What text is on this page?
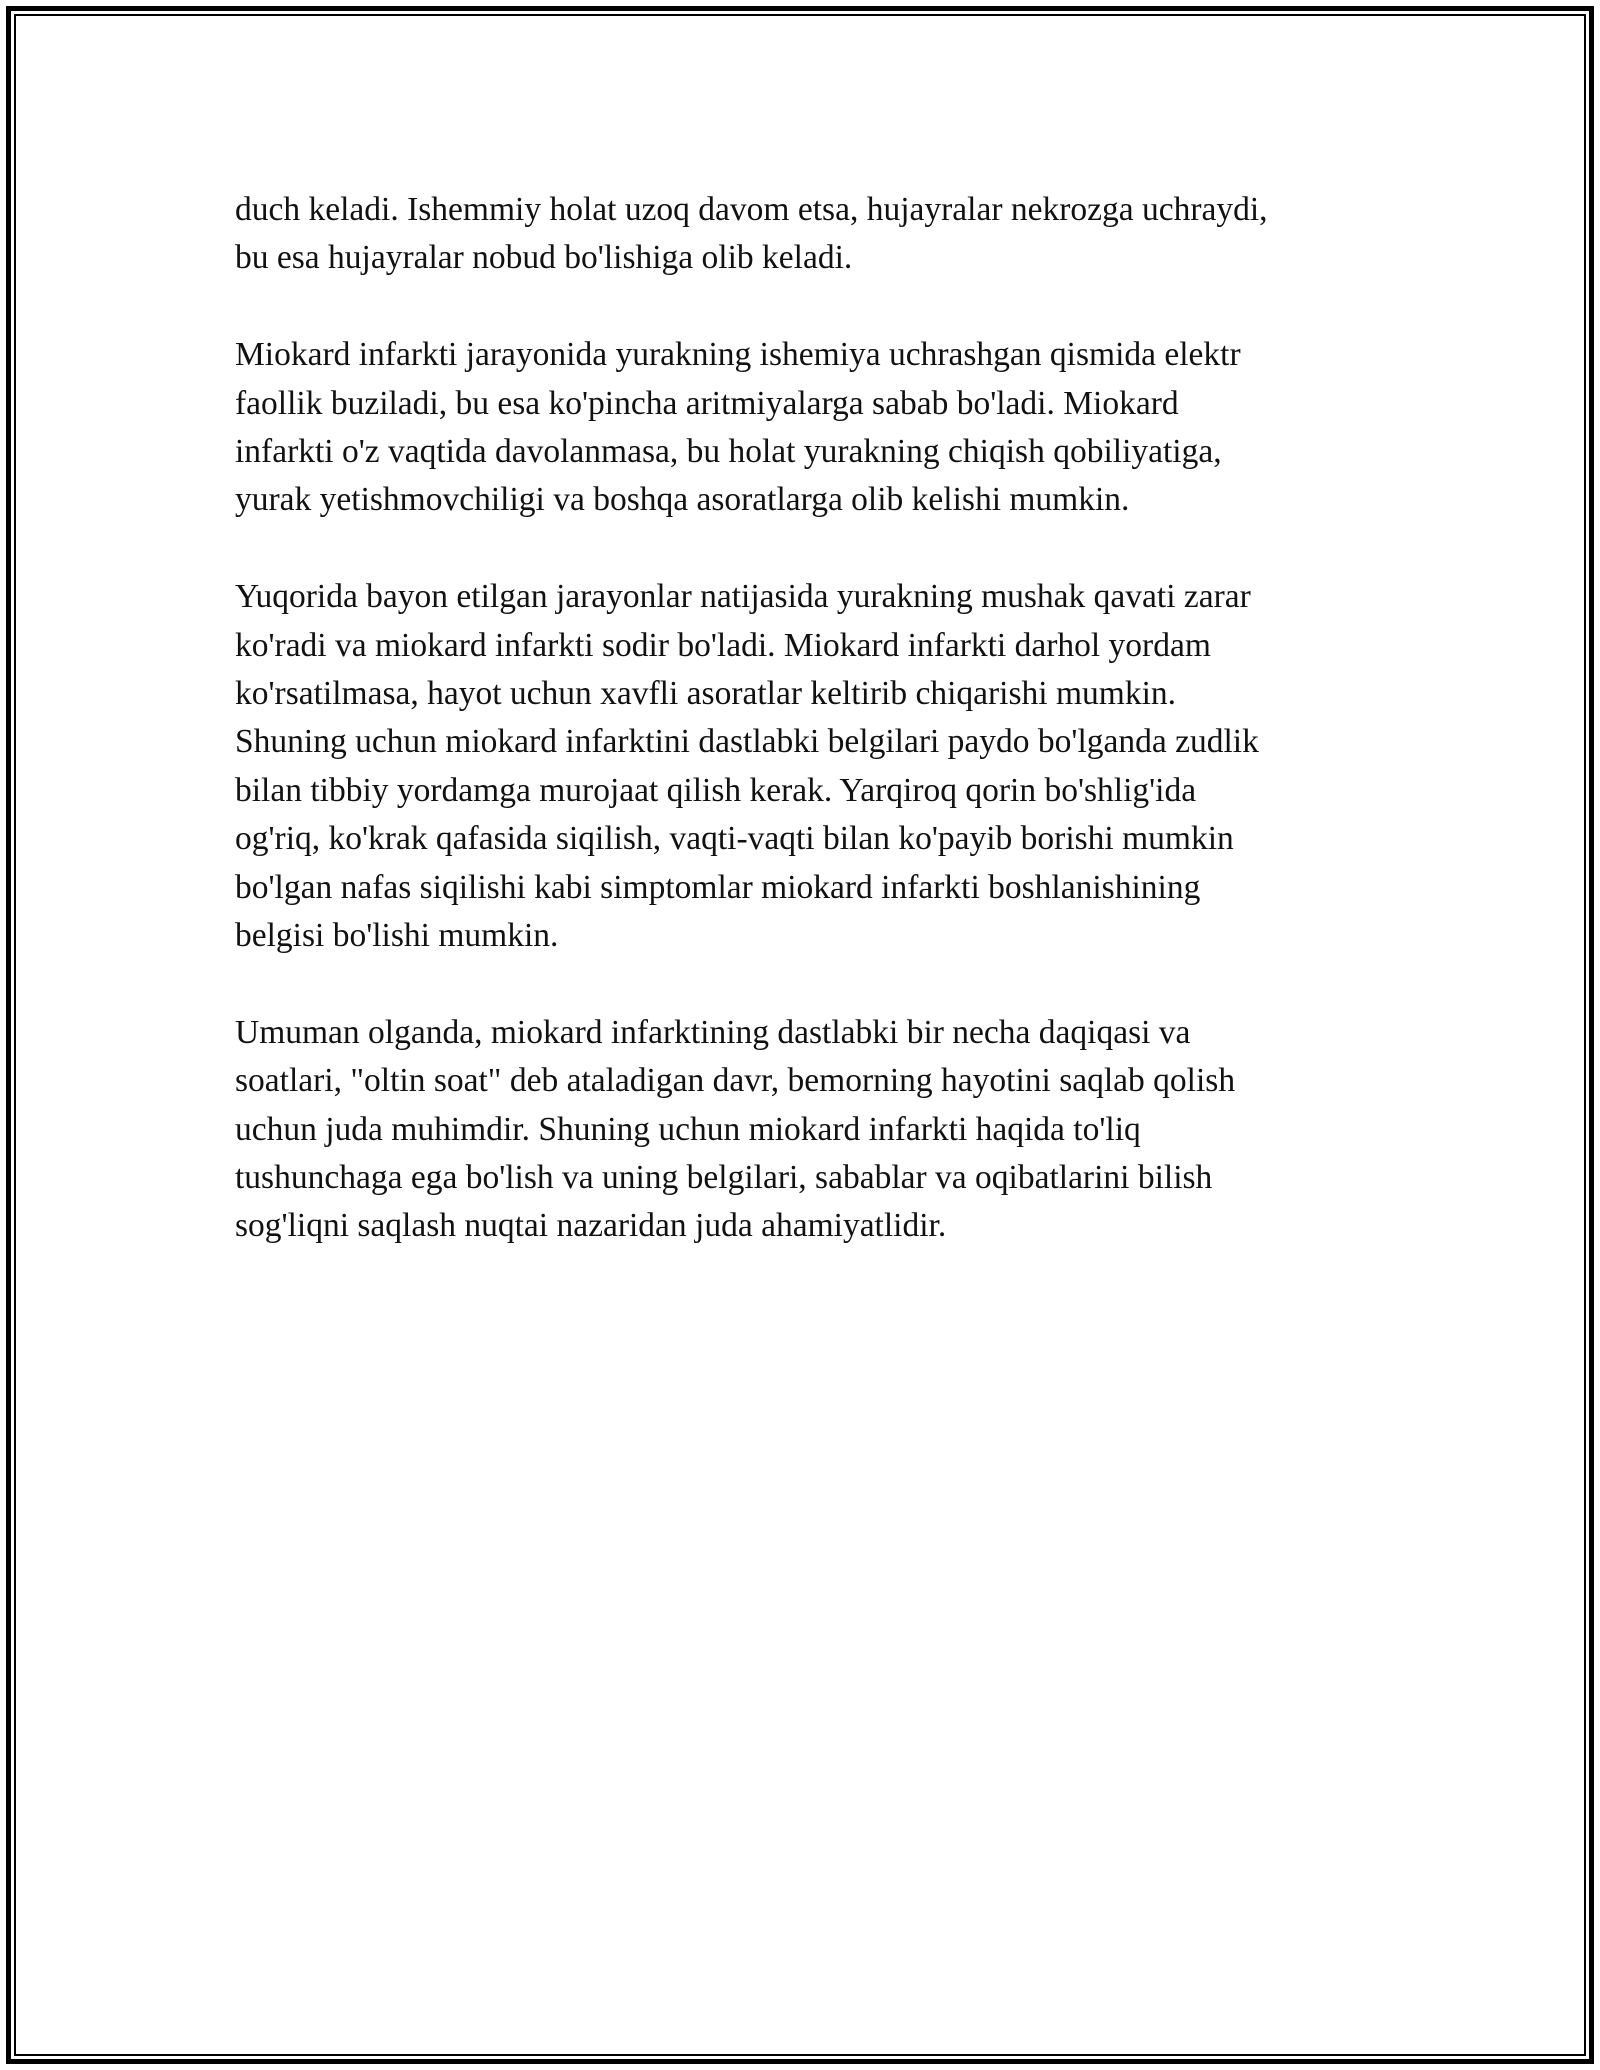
duch keladi. Ishemmiy holat uzoq davom etsa, hujayralar nekrozga uchraydi,
bu esa hujayralar nobud bo'lishiga olib keladi.

Miokard infarkti jarayonida yurakning ishemiya uchrashgan qismida elektr
faollik buziladi, bu esa ko'pincha aritmiyalarga sabab bo'ladi. Miokard
infarkti o'z vaqtida davolanmasa, bu holat yurakning chiqish qobiliyatiga,
yurak yetishmovchiligi va boshqa asoratlarga olib kelishi mumkin.

Yuqorida bayon etilgan jarayonlar natijasida yurakning mushak qavati zarar
ko'radi va miokard infarkti sodir bo'ladi. Miokard infarkti darhol yordam
ko'rsatilmasa, hayot uchun xavfli asoratlar keltirib chiqarishi mumkin.
Shuning uchun miokard infarktini dastlabki belgilari paydo bo'lganda zudlik
bilan tibbiy yordamga murojaat qilish kerak. Yarqiroq qorin bo'shlig'ida
og'riq, ko'krak qafasida siqilish, vaqti-vaqti bilan ko'payib borishi mumkin
bo'lgan nafas siqilishi kabi simptomlar miokard infarkti boshlanishining
belgisi bo'lishi mumkin.

Umuman olganda, miokard infarktining dastlabki bir necha daqiqasi va
soatlari, "oltin soat" deb ataladigan davr, bemorning hayotini saqlab qolish
uchun juda muhimdir. Shuning uchun miokard infarkti haqida to'liq
tushunchaga ega bo'lish va uning belgilari, sabablar va oqibatlarini bilish
sog'liqni saqlash nuqtai nazaridan juda ahamiyatlidir.
